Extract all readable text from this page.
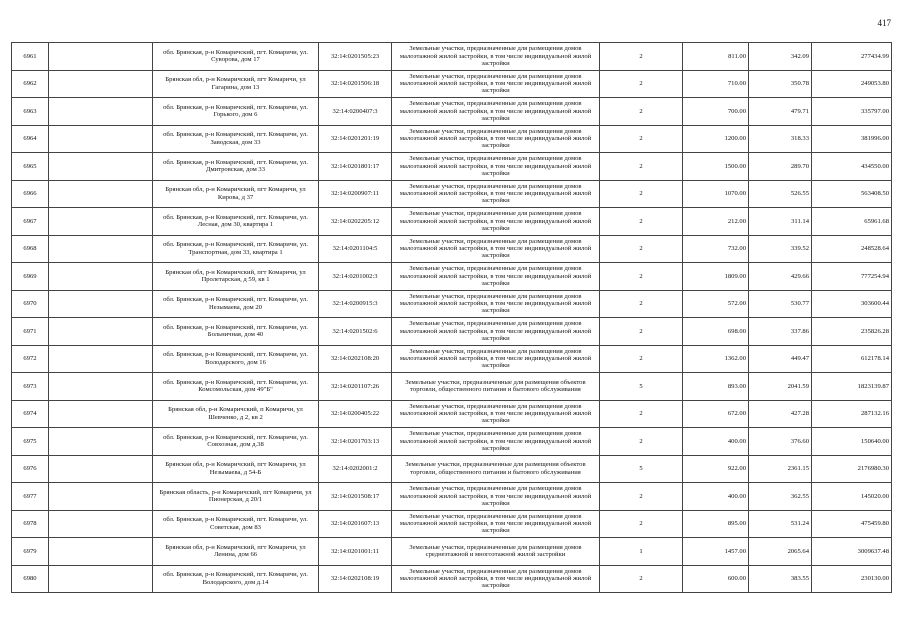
417
6961		обл. Брянская, р-н Комаричский, пгт. Комаричи, ул. Суворова, дом 17	32:14:0201505:23	Земельные участки, предназначенные для размещения домов малоэтажной жилой застройки, в том числе индивидуальной жилой застройки	2	811.00	342.09	277434.99
6962		Брянская обл, р-н Комаричский, пгт Комаричи, ул Гагарина, дом 13	32:14:0201506:18	Земельные участки, предназначенные для размещения домов малоэтажной жилой застройки, в том числе индивидуальной жилой застройки	2	710.00	350.78	249053.80
6963		обл. Брянская, р-н Комаричский, пгт. Комаричи, ул. Горького, дом 6	32:14:0200407:3	Земельные участки, предназначенные для размещения домов малоэтажной жилой застройки, в том числе индивидуальной жилой застройки	2	700.00	479.71	335797.00
6964		обл. Брянская, р-н Комаричский, пгт. Комаричи, ул. Заводская, дом 33	32:14:0201201:19	Земельные участки, предназначенные для размещения домов малоэтажной жилой застройки, в том числе индивидуальной жилой застройки	2	1200.00	318.33	381996.00
6965		обл. Брянская, р-н Комаричский, пгт. Комаричи, ул. Дмитровская, дом 33	32:14:0201801:17	Земельные участки, предназначенные для размещения домов малоэтажной жилой застройки, в том числе индивидуальной жилой застройки	2	1500.00	289.70	434550.00
6966		Брянская обл, р-н Комаричский, пгт Комаричи, ул Кирова, д 37	32:14:0200907:11	Земельные участки, предназначенные для размещения домов малоэтажной жилой застройки, в том числе индивидуальной жилой застройки	2	1070.00	526.55	563408.50
6967		обл. Брянская, р-н Комаричский, пгт. Комаричи, ул. Лесная, дом 30, квартира 1	32:14:0202205:12	Земельные участки, предназначенные для размещения домов малоэтажной жилой застройки, в том числе индивидуальной жилой застройки	2	212.00	311.14	65961.68
6968		обл. Брянская, р-н Комаричский, пгт. Комаричи, ул. Транспортная, дом 33, квартира 1	32:14:0201104:5	Земельные участки, предназначенные для размещения домов малоэтажной жилой застройки, в том числе индивидуальной жилой застройки	2	732.00	339.52	248528.64
6969		Брянская обл, р-н Комаричский, пгт Комаричи, ул Пролетарская, д 59, кв 1	32:14:0201002:3	Земельные участки, предназначенные для размещения домов малоэтажной жилой застройки, в том числе индивидуальной жилой застройки	2	1809.00	429.66	777254.94
6970		обл. Брянская, р-н Комаричский, пгт. Комаричи, ул. Незымаева, дом 20	32:14:0200915:3	Земельные участки, предназначенные для размещения домов малоэтажной жилой застройки, в том числе индивидуальной жилой застройки	2	572.00	530.77	303600.44
6971		обл. Брянская, р-н Комаричский, пгт. Комаричи, ул. Больничная, дом 40	32:14:0201502:6	Земельные участки, предназначенные для размещения домов малоэтажной жилой застройки, в том числе индивидуальной жилой застройки	2	698.00	337.86	235826.28
6972		обл. Брянская, р-н Комаричский, пгт. Комаричи, ул. Володарского, дом 16	32:14:0202108:20	Земельные участки, предназначенные для размещения домов малоэтажной жилой застройки, в том числе индивидуальной жилой застройки	2	1362.00	449.47	612178.14
6973		обл. Брянская, р-н Комаричский, пгт. Комаричи, ул. Комсомольская, дом 49"Б"	32:14:0201107:26	Земельные участки, предназначенные для размещения объектов торговли, общественного питания и бытового обслуживания	5	893.00	2041.59	1823139.87
6974		Брянская обл, р-н Комаричский, п Комаричи, ул Шевченко, д 2, кв 2	32:14:0200405:22	Земельные участки, предназначенные для размещения домов малоэтажной жилой застройки, в том числе индивидуальной жилой застройки	2	672.00	427.28	287132.16
6975		обл. Брянская, р-н Комаричский, пгт. Комаричи, ул. Совхозная, дом д.38	32:14:0201703:13	Земельные участки, предназначенные для размещения домов малоэтажной жилой застройки, в том числе индивидуальной жилой застройки	2	400.00	376.60	150640.00
6976		Брянская обл, р-н Комаричский, пгт Комаричи, ул Незымаева, д 54-Б	32:14:0202001:2	Земельные участки, предназначенные для размещения объектов торговли, общественного питания и бытового обслуживания	5	922.00	2361.15	2176980.30
6977		Брянская область, р-н Комаричский, пгт Комаричи, ул Пионерская, д 20/1	32:14:0201508:17	Земельные участки, предназначенные для размещения домов малоэтажной жилой застройки, в том числе индивидуальной жилой застройки	2	400.00	362.55	145020.00
6978		обл. Брянская, р-н Комаричский, пгт. Комаричи, ул. Советская, дом 83	32:14:0201607:13	Земельные участки, предназначенные для размещения домов малоэтажной жилой застройки, в том числе индивидуальной жилой застройки	2	895.00	531.24	475459.80
6979		Брянская обл, р-н Комаричский, пгт Комаричи, ул Ленина, дом 66	32:14:0201001:11	Земельные участки, предназначенные для размещения домов среднеэтажной и многоэтажной жилой застройки	1	1457.00	2065.64	3009637.48
6980		обл. Брянская, р-н Комаричский, пгт. Комаричи, ул. Володарского, дом д.14	32:14:0202108:19	Земельные участки, предназначенные для размещения домов малоэтажной жилой застройки, в том числе индивидуальной жилой застройки	2	600.00	383.55	230130.00
